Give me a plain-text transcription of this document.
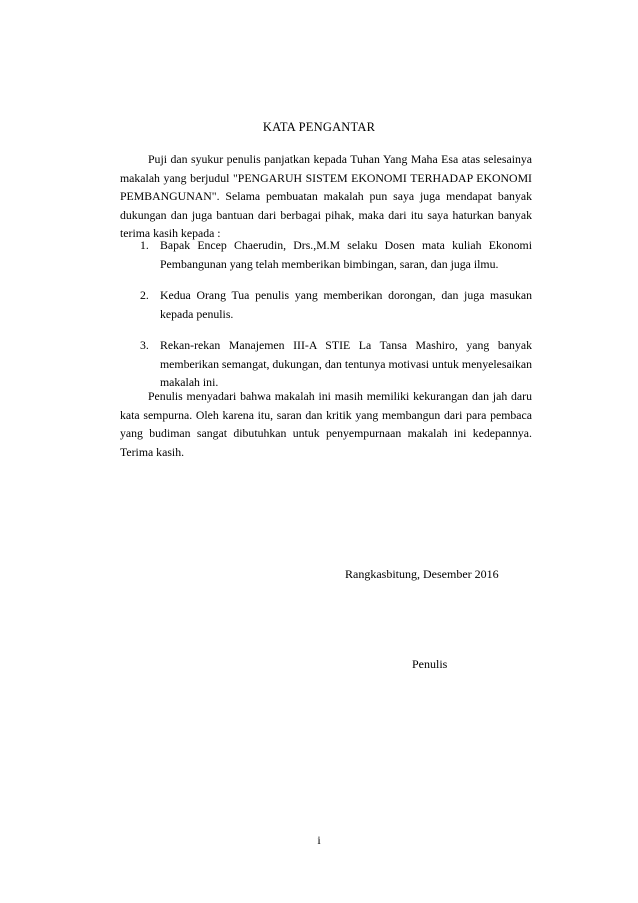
KATA PENGANTAR

Puji dan syukur penulis panjatkan kepada Tuhan Yang Maha Esa atas selesainya makalah yang berjudul "PENGARUH SISTEM EKONOMI TERHADAP EKONOMI PEMBANGUNAN". Selama pembuatan makalah pun saya juga mendapat banyak dukungan dan juga bantuan dari berbagai pihak, maka dari itu saya haturkan banyak terima kasih kepada :

1. Bapak Encep Chaerudin, Drs.,M.M selaku Dosen mata kuliah Ekonomi Pembangunan yang telah memberikan bimbingan, saran, dan juga ilmu.
2. Kedua Orang Tua penulis yang memberikan dorongan, dan juga masukan kepada penulis.
3. Rekan-rekan Manajemen III-A STIE La Tansa Mashiro, yang banyak memberikan semangat, dukungan, dan tentunya motivasi untuk menyelesaikan makalah ini.

Penulis menyadari bahwa makalah ini masih memiliki kekurangan dan jah daru kata sempurna. Oleh karena itu, saran dan kritik yang membangun dari para pembaca yang budiman sangat dibutuhkan untuk penyempurnaan makalah ini kedepannya. Terima kasih.

Rangkasbitung, Desember 2016
Penulis
i
